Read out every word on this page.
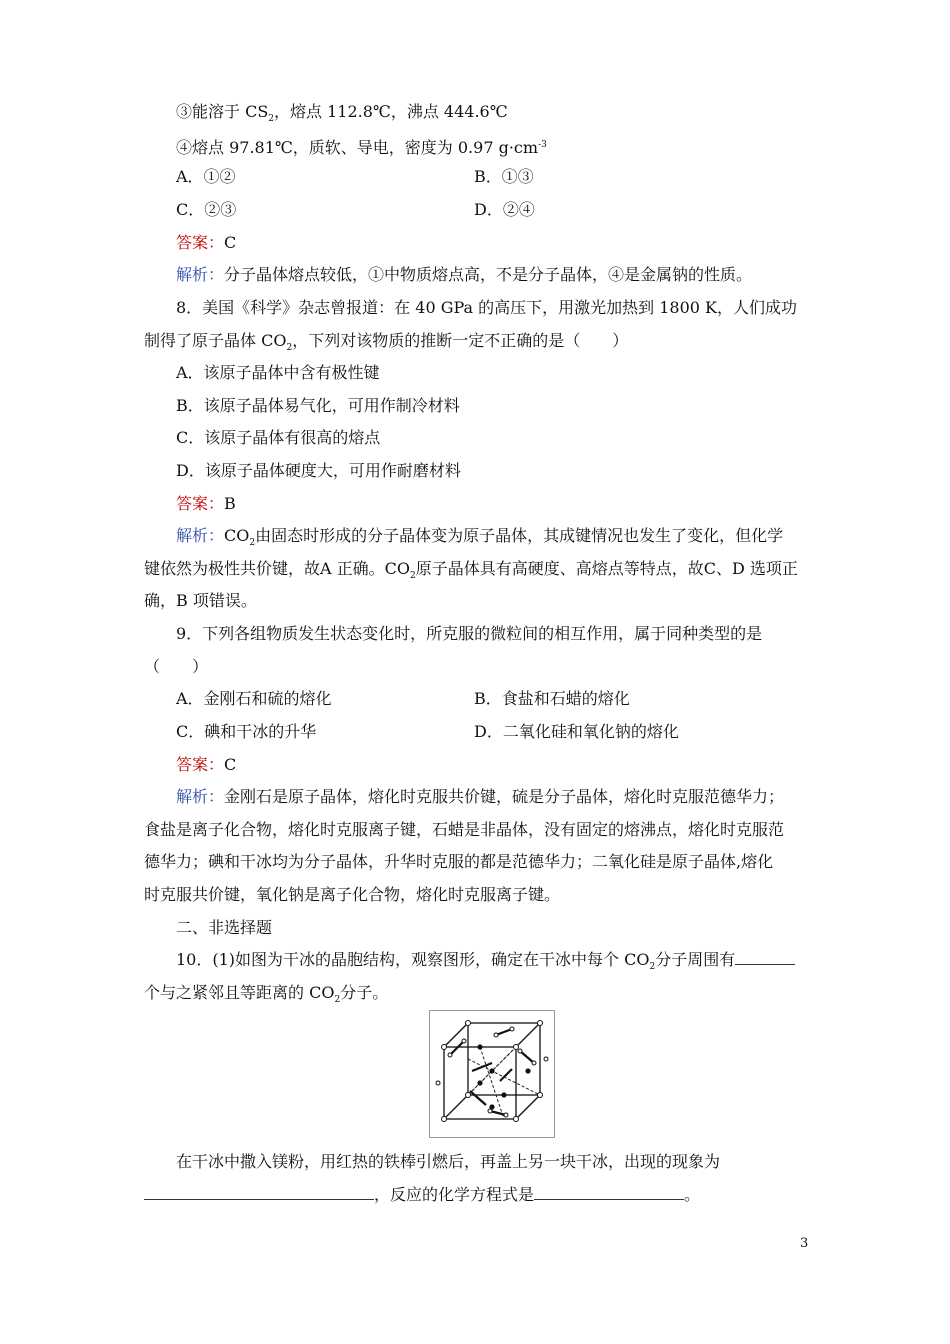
③能溶于 $CS_2$，熔点 112.8℃，沸点 444.6℃
④熔点 97.81℃，质软、导电，密度为 0.97 $g\cdot cm^{-3}$
A．①②	B．①③
C．②③	D．②④
答案：C
解析：分子晶体熔点较低，①中物质熔点高，不是分子晶体，④是金属钠的性质。
8．美国《科学》杂志曾报道：在 40 GPa 的高压下，用激光加热到 1800 K，人们成功
制得了原子晶体 $CO_2$，下列对该物质的推断一定不正确的是（　　）
A．该原子晶体中含有极性键
B．该原子晶体易气化，可用作制冷材料
C．该原子晶体有很高的熔点
D．该原子晶体硬度大，可用作耐磨材料
答案：B
解析：$CO_2$由固态时形成的分子晶体变为原子晶体，其成键情况也发生了变化，但化学
键依然为极性共价键，故A 正确。$CO_2$原子晶体具有高硬度、高熔点等特点，故C、D 选项正
确，B 项错误。
9．下列各组物质发生状态变化时，所克服的微粒间的相互作用，属于同种类型的是
（　　）
A．金刚石和硫的熔化	B．食盐和石蜡的熔化
C．碘和干冰的升华	D．二氧化硅和氧化钠的熔化
答案：C
解析：金刚石是原子晶体，熔化时克服共价键，硫是分子晶体，熔化时克服范德华力；
食盐是离子化合物，熔化时克服离子键，石蜡是非晶体，没有固定的熔沸点，熔化时克服范
德华力；碘和干冰均为分子晶体，升华时克服的都是范德华力；二氧化硅是原子晶体,熔化
时克服共价键，氧化钠是离子化合物，熔化时克服离子键。
二、非选择题
10．(1)如图为干冰的晶胞结构，观察图形，确定在干冰中每个 $CO_2$分子周围有
个与之紧邻且等距离的 $CO_2$分子。
在干冰中撒入镁粉，用红热的铁棒引燃后，再盖上另一块干冰，出现的现象为
，反应的化学方程式是	。
3
